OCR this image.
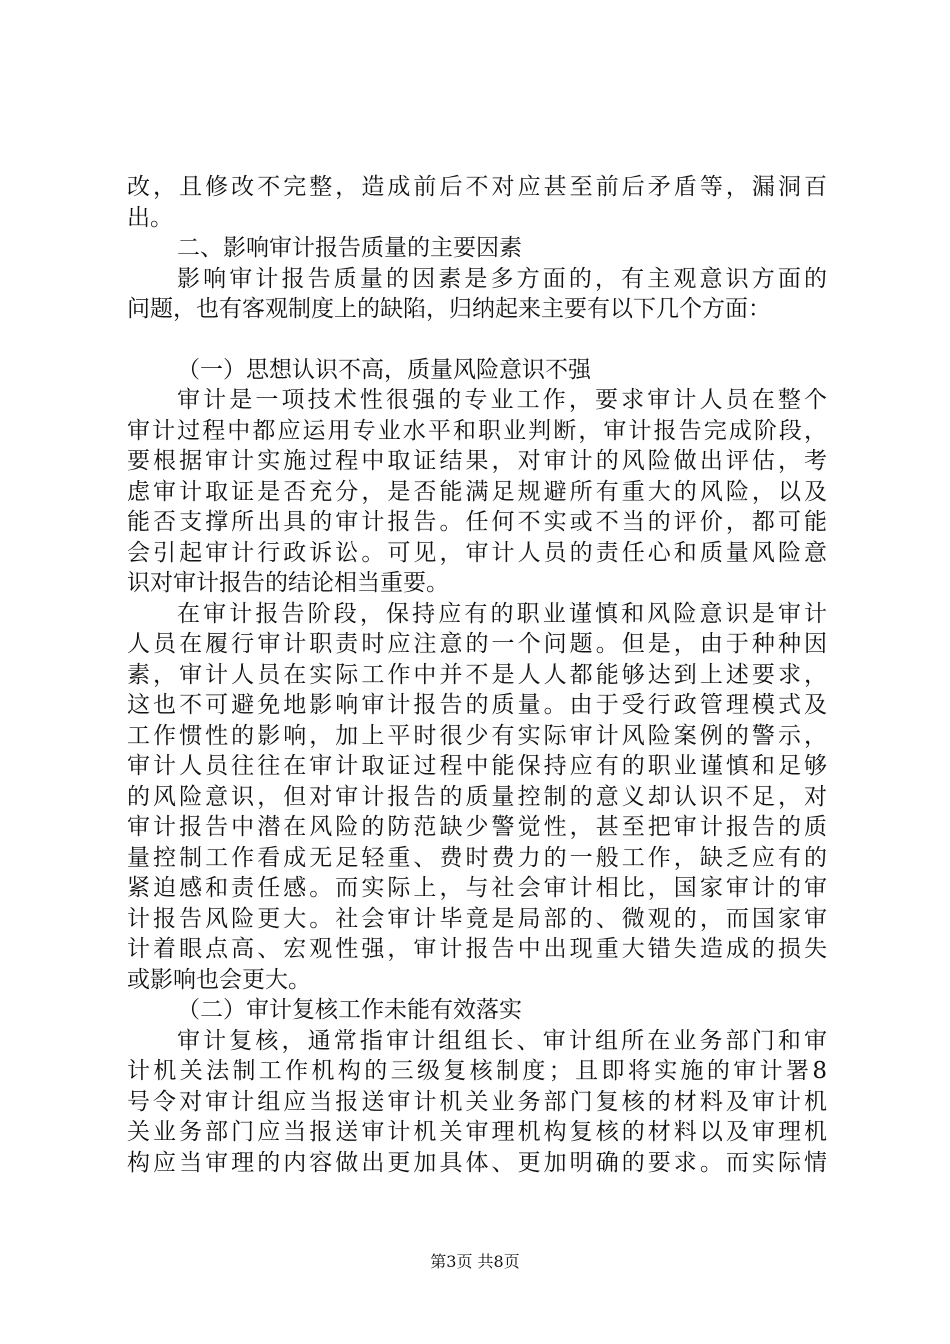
改，且修改不完整，造成前后不对应甚至前后矛盾等，漏洞百
出。
二、影响审计报告质量的主要因素
影响审计报告质量的因素是多方面的，有主观意识方面的
问题，也有客观制度上的缺陷，归纳起来主要有以下几个方面：
（一）思想认识不高，质量风险意识不强
审计是一项技术性很强的专业工作，要求审计人员在整个
审计过程中都应运用专业水平和职业判断，审计报告完成阶段，
要根据审计实施过程中取证结果，对审计的风险做出评估，考
虑审计取证是否充分，是否能满足规避所有重大的风险，以及
能否支撑所出具的审计报告。任何不实或不当的评价，都可能
会引起审计行政诉讼。可见，审计人员的责任心和质量风险意
识对审计报告的结论相当重要。
在审计报告阶段，保持应有的职业谨慎和风险意识是审计
人员在履行审计职责时应注意的一个问题。但是，由于种种因
素，审计人员在实际工作中并不是人人都能够达到上述要求，
这也不可避免地影响审计报告的质量。由于受行政管理模式及
工作惯性的影响，加上平时很少有实际审计风险案例的警示，
审计人员往往在审计取证过程中能保持应有的职业谨慎和足够
的风险意识，但对审计报告的质量控制的意义却认识不足，对
审计报告中潜在风险的防范缺少警觉性，甚至把审计报告的质
量控制工作看成无足轻重、费时费力的一般工作，缺乏应有的
紧迫感和责任感。而实际上，与社会审计相比，国家审计的审
计报告风险更大。社会审计毕竟是局部的、微观的，而国家审
计着眼点高、宏观性强，审计报告中出现重大错失造成的损失
或影响也会更大。
（二）审计复核工作未能有效落实
审计复核，通常指审计组组长、审计组所在业务部门和审
计机关法制工作机构的三级复核制度；且即将实施的审计署8
号令对审计组应当报送审计机关业务部门复核的材料及审计机
关业务部门应当报送审计机关审理机构复核的材料以及审理机
构应当审理的内容做出更加具体、更加明确的要求。而实际情
第3页 共8页
